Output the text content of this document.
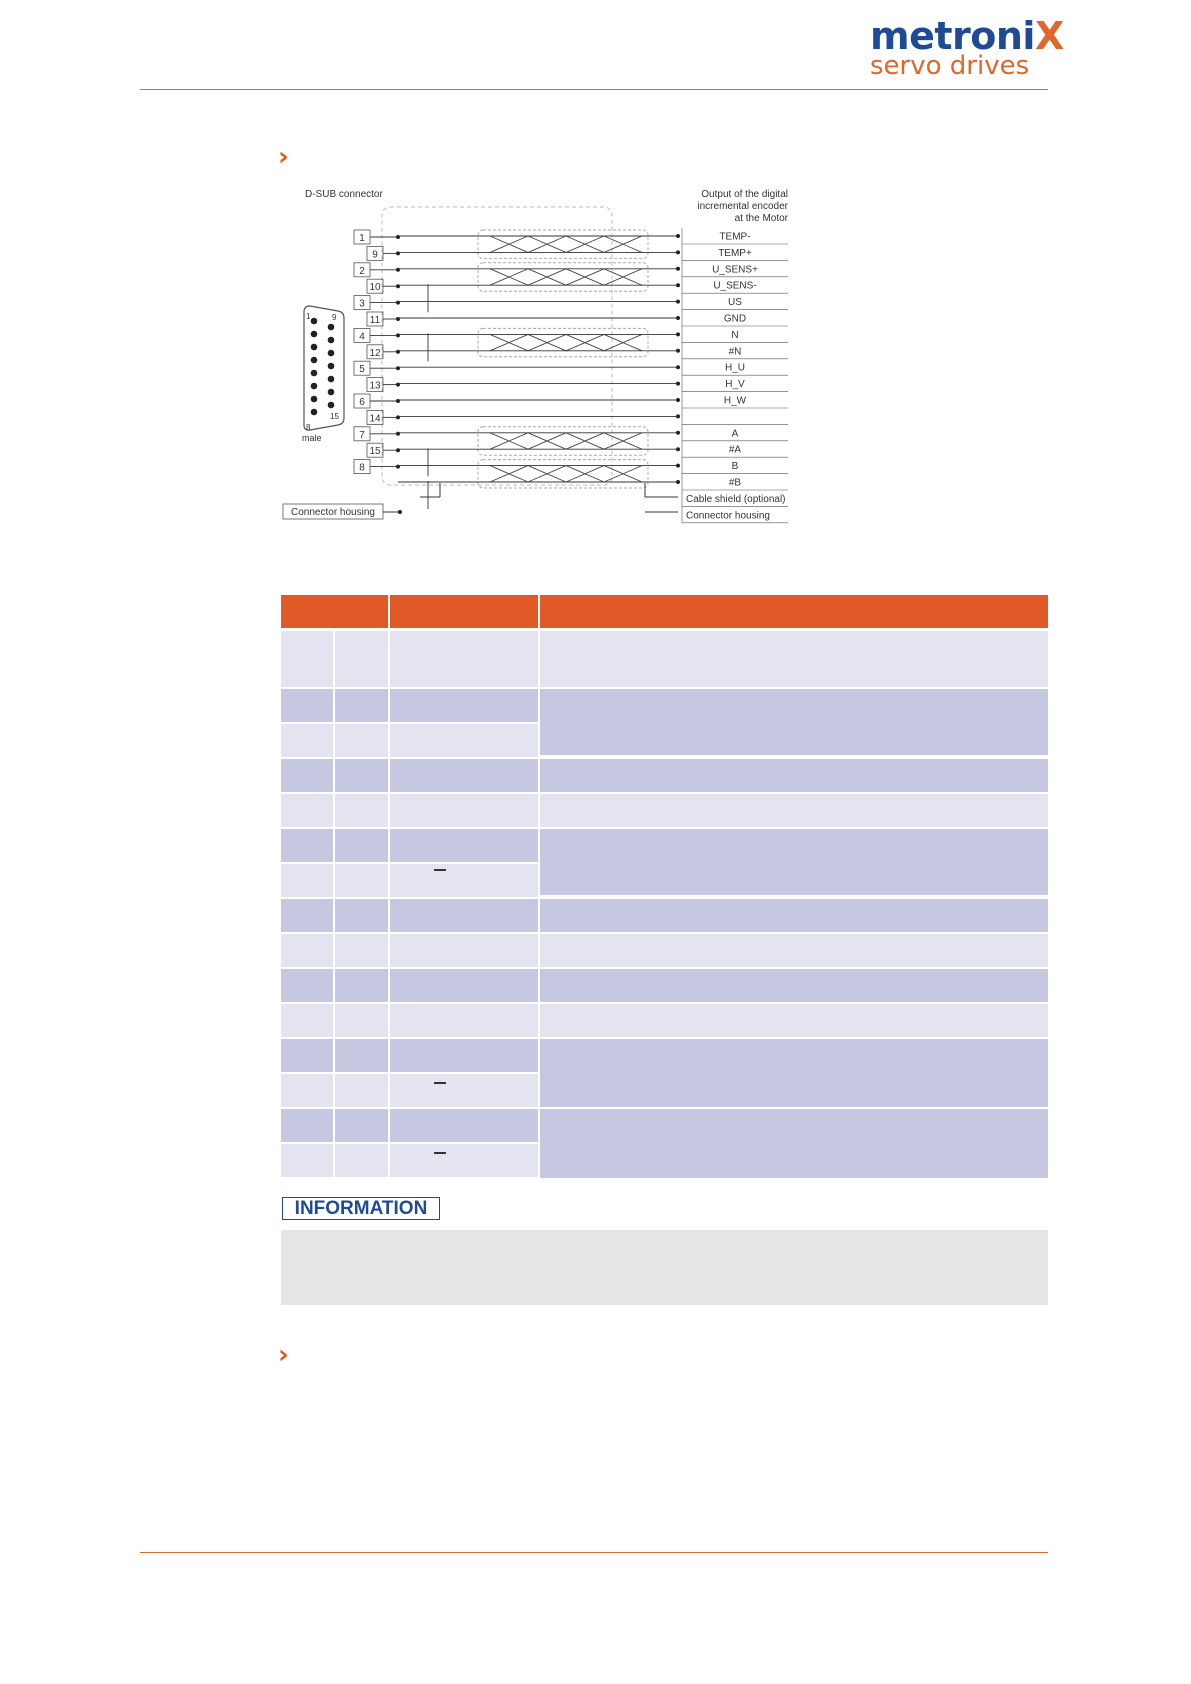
metroniX
servo drives
›
D-SUB connector	Output of the digital
incremental encoder
at the Motor
male
1	9
8
15
1
9
2
10
3
11
4
12
5
13
6
14
7
15
8
TEMP-
TEMP+
U_SENS+
U_SENS-
US
GND
N
#N
H_U
H_V
H_W
A
#A
B
#B
Cable shield (optional)
Connector housing
Connector housing
INFORMATION
›
